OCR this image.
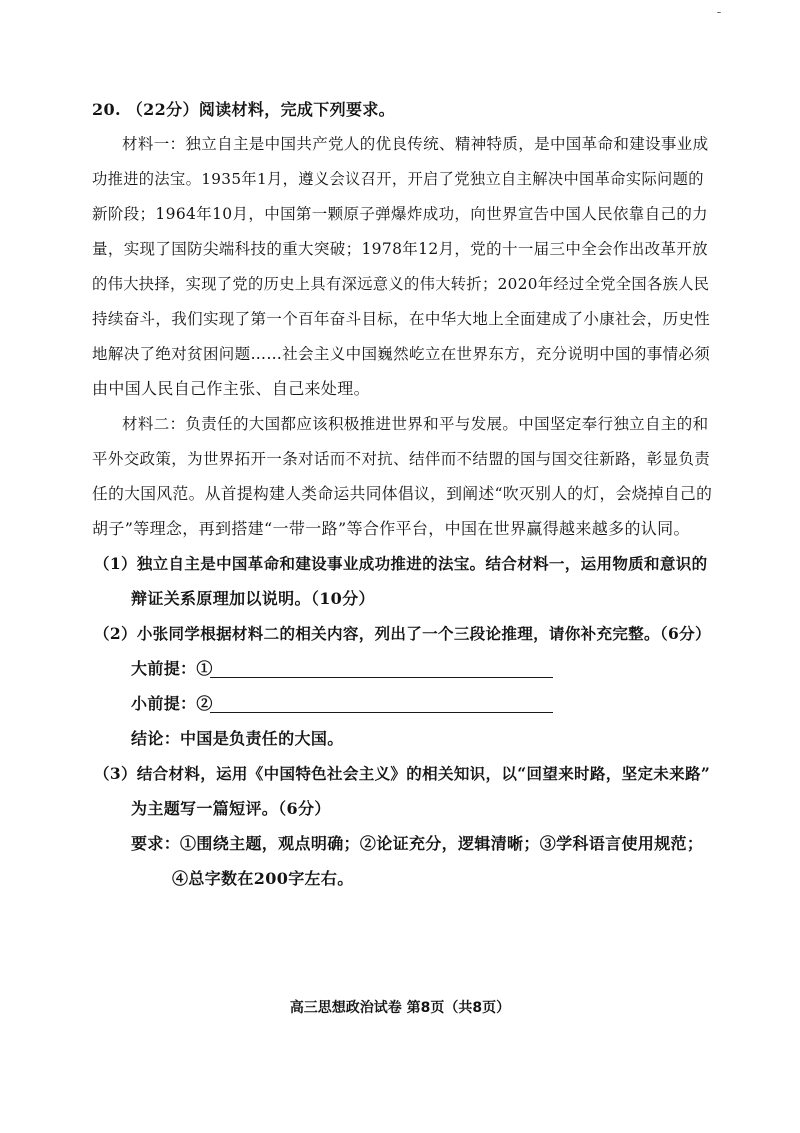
ˉ
20. （22分）阅读材料，完成下列要求。
材料一：独立自主是中国共产党人的优良传统、精神特质，是中国革命和建设事业成
功推进的法宝。1935年1月，遵义会议召开，开启了党独立自主解决中国革命实际问题的
新阶段；1964年10月，中国第一颗原子弹爆炸成功，向世界宣告中国人民依靠自己的力
量，实现了国防尖端科技的重大突破；1978年12月，党的十一届三中全会作出改革开放
的伟大抉择，实现了党的历史上具有深远意义的伟大转折；2020年经过全党全国各族人民
持续奋斗，我们实现了第一个百年奋斗目标，在中华大地上全面建成了小康社会，历史性
地解决了绝对贫困问题……社会主义中国巍然屹立在世界东方，充分说明中国的事情必须
由中国人民自己作主张、自己来处理。
材料二：负责任的大国都应该积极推进世界和平与发展。中国坚定奉行独立自主的和
平外交政策，为世界拓开一条对话而不对抗、结伴而不结盟的国与国交往新路，彰显负责
任的大国风范。从首提构建人类命运共同体倡议，到阐述“吹灭别人的灯，会烧掉自己的
胡子”等理念，再到搭建“一带一路”等合作平台，中国在世界赢得越来越多的认同。
（1）独立自主是中国革命和建设事业成功推进的法宝。结合材料一，运用物质和意识的
辩证关系原理加以说明。（10分）
（2）小张同学根据材料二的相关内容，列出了一个三段论推理，请你补充完整。（6分）
大前提：①
小前提：②
结论：中国是负责任的大国。
（3）结合材料，运用《中国特色社会主义》的相关知识，以“回望来时路，坚定未来路”
为主题写一篇短评。（6分）
要求：①围绕主题，观点明确；②论证充分，逻辑清晰；③学科语言使用规范；
④总字数在200字左右。
高三思想政治试卷 第8页（共8页）
